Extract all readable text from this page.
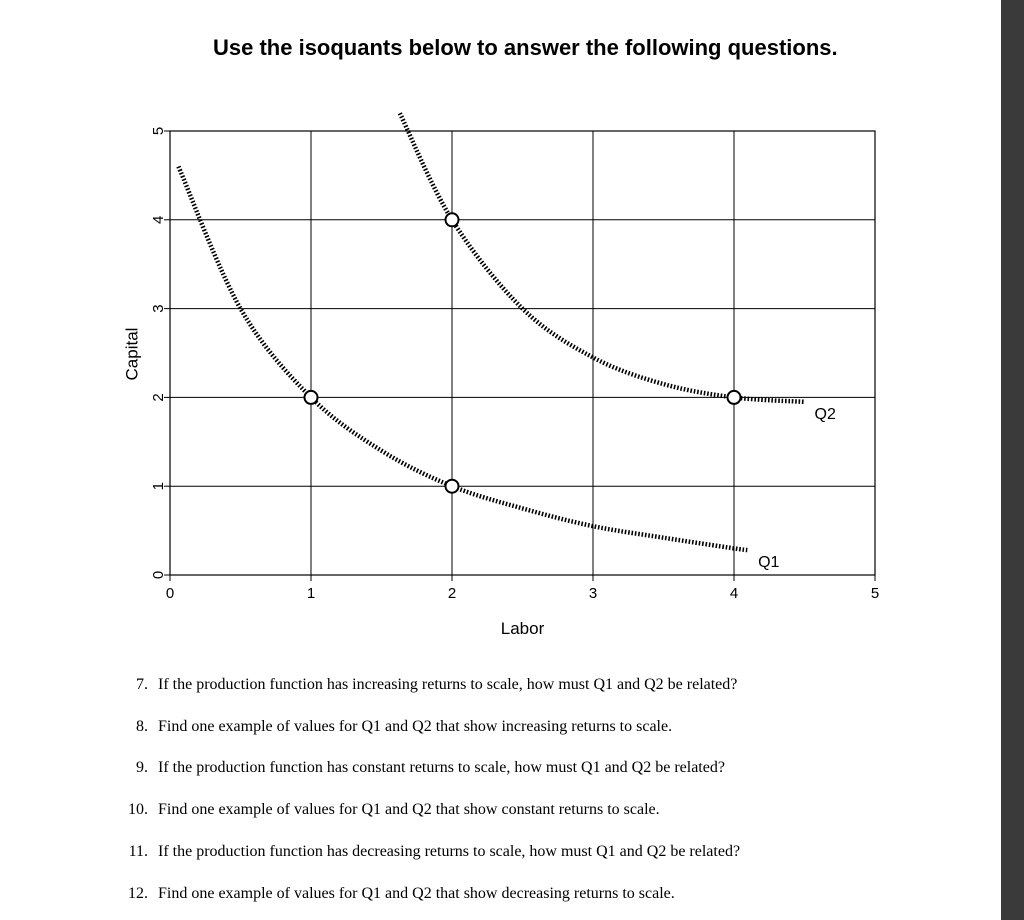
Use the isoquants below to answer the following questions.
0	1	2	3	4	5
0
1
2
3
4
5
Labor
Capital
Q1
Q2
7. If the production function has increasing returns to scale, how must Q1 and Q2 be related?
8. Find one example of values for Q1 and Q2 that show increasing returns to scale.
9. If the production function has constant returns to scale, how must Q1 and Q2 be related?
10. Find one example of values for Q1 and Q2 that show constant returns to scale.
11. If the production function has decreasing returns to scale, how must Q1 and Q2 be related?
12. Find one example of values for Q1 and Q2 that show decreasing returns to scale.
